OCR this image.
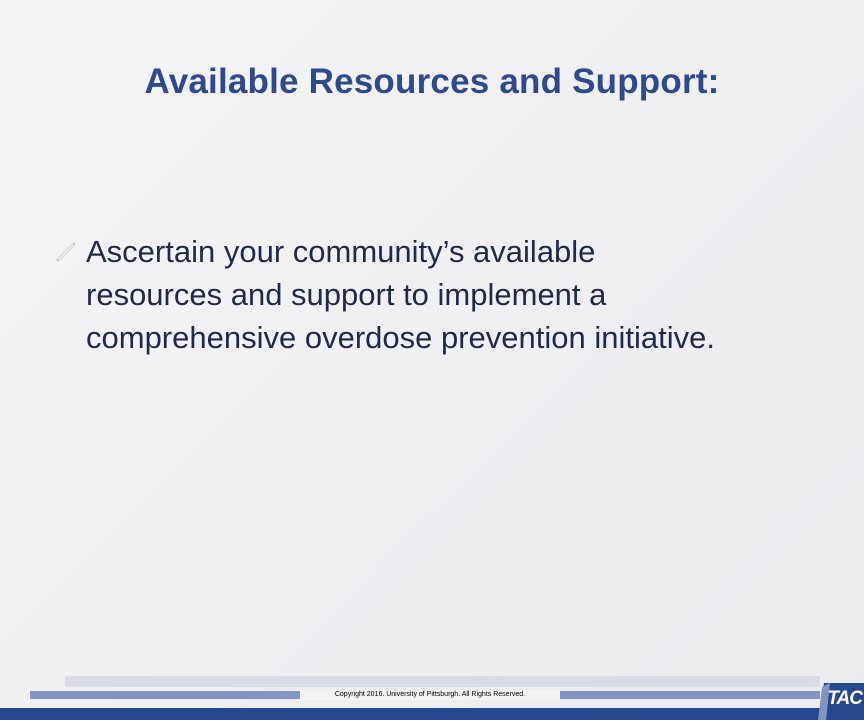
Available Resources and Support:
Ascertain your community’s available resources and support to implement a comprehensive overdose prevention initiative.
Copyright 2016. University of Pittsburgh. All Rights Reserved.	TAC
